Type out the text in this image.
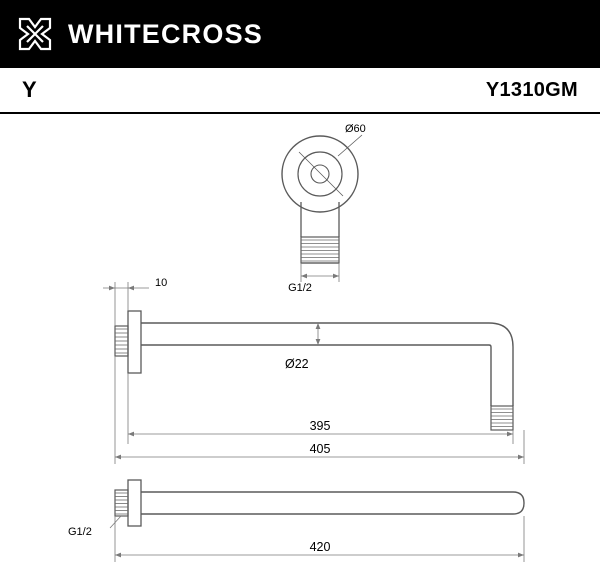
WHITECROSS
Y	Y1310GM
Ø60
G1/2
10
Ø22
395
405
G1/2
420
